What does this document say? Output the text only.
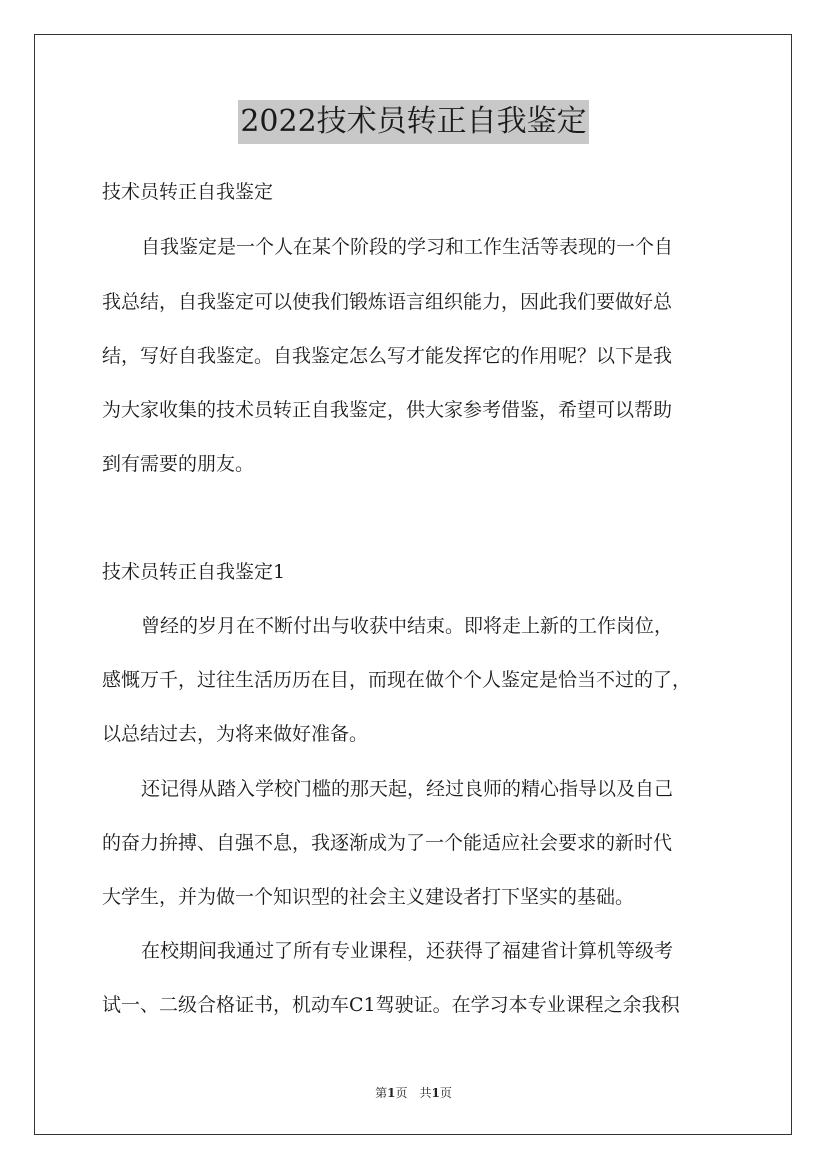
2022技术员转正自我鉴定

技术员转正自我鉴定

自我鉴定是一个人在某个阶段的学习和工作生活等表现的一个自

我总结，自我鉴定可以使我们锻炼语言组织能力，因此我们要做好总

结，写好自我鉴定。自我鉴定怎么写才能发挥它的作用呢？以下是我

为大家收集的技术员转正自我鉴定，供大家参考借鉴，希望可以帮助

到有需要的朋友。

技术员转正自我鉴定1

曾经的岁月在不断付出与收获中结束。即将走上新的工作岗位，

感慨万千，过往生活历历在目，而现在做个个人鉴定是恰当不过的了，

以总结过去，为将来做好准备。

还记得从踏入学校门槛的那天起，经过良师的精心指导以及自己

的奋力拚搏、自强不息，我逐渐成为了一个能适应社会要求的新时代

大学生，并为做一个知识型的社会主义建设者打下坚实的基础。

在校期间我通过了所有专业课程，还获得了福建省计算机等级考

试一、二级合格证书，机动车C1驾驶证。在学习本专业课程之余我积

第1页　共1页
